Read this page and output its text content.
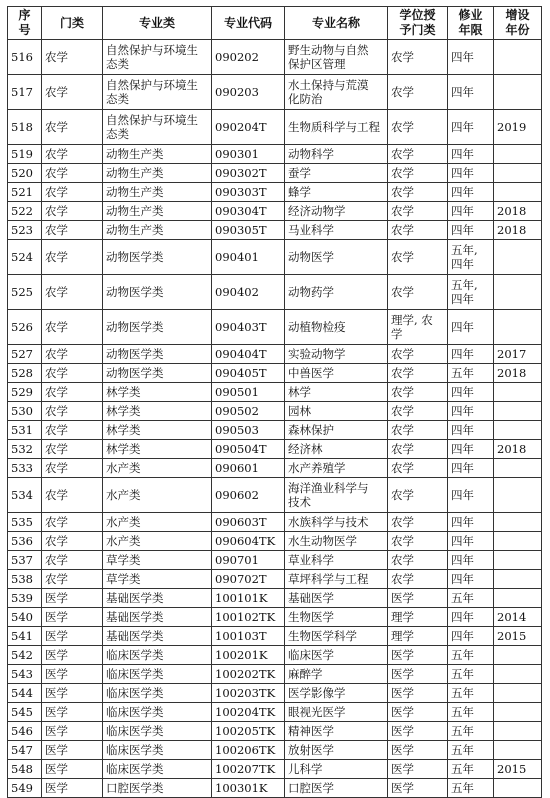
序
号	门类	专业类	专业代码	专业名称	学位授
予门类	修业
年限	增设
年份

516	农学	自然保护与环境生
态类	090202	野生动物与自然
保护区管理	农学	四年	

517	农学	自然保护与环境生
态类	090203	水土保持与荒漠
化防治	农学	四年	

518	农学	自然保护与环境生
态类	090204T	生物质科学与工程	农学	四年	2019

519	农学	动物生产类	090301	动物科学	农学	四年	

520	农学	动物生产类	090302T	蚕学	农学	四年	

521	农学	动物生产类	090303T	蜂学	农学	四年	

522	农学	动物生产类	090304T	经济动物学	农学	四年	2018

523	农学	动物生产类	090305T	马业科学	农学	四年	2018

524	农学	动物医学类	090401	动物医学	农学	五年,
四年	

525	农学	动物医学类	090402	动物药学	农学	五年,
四年	

526	农学	动物医学类	090403T	动植物检疫	理学, 农
学	四年	

527	农学	动物医学类	090404T	实验动物学	农学	四年	2017

528	农学	动物医学类	090405T	中兽医学	农学	五年	2018

529	农学	林学类	090501	林学	农学	四年	

530	农学	林学类	090502	园林	农学	四年	

531	农学	林学类	090503	森林保护	农学	四年	

532	农学	林学类	090504T	经济林	农学	四年	2018

533	农学	水产类	090601	水产养殖学	农学	四年	

534	农学	水产类	090602	海洋渔业科学与
技术	农学	四年	

535	农学	水产类	090603T	水族科学与技术	农学	四年	

536	农学	水产类	090604TK	水生动物医学	农学	四年	

537	农学	草学类	090701	草业科学	农学	四年	

538	农学	草学类	090702T	草坪科学与工程	农学	四年	

539	医学	基础医学类	100101K	基础医学	医学	五年	

540	医学	基础医学类	100102TK	生物医学	理学	四年	2014

541	医学	基础医学类	100103T	生物医学科学	理学	四年	2015

542	医学	临床医学类	100201K	临床医学	医学	五年	

543	医学	临床医学类	100202TK	麻醉学	医学	五年	

544	医学	临床医学类	100203TK	医学影像学	医学	五年	

545	医学	临床医学类	100204TK	眼视光医学	医学	五年	

546	医学	临床医学类	100205TK	精神医学	医学	五年	

547	医学	临床医学类	100206TK	放射医学	医学	五年	

548	医学	临床医学类	100207TK	儿科学	医学	五年	2015

549	医学	口腔医学类	100301K	口腔医学	医学	五年	
